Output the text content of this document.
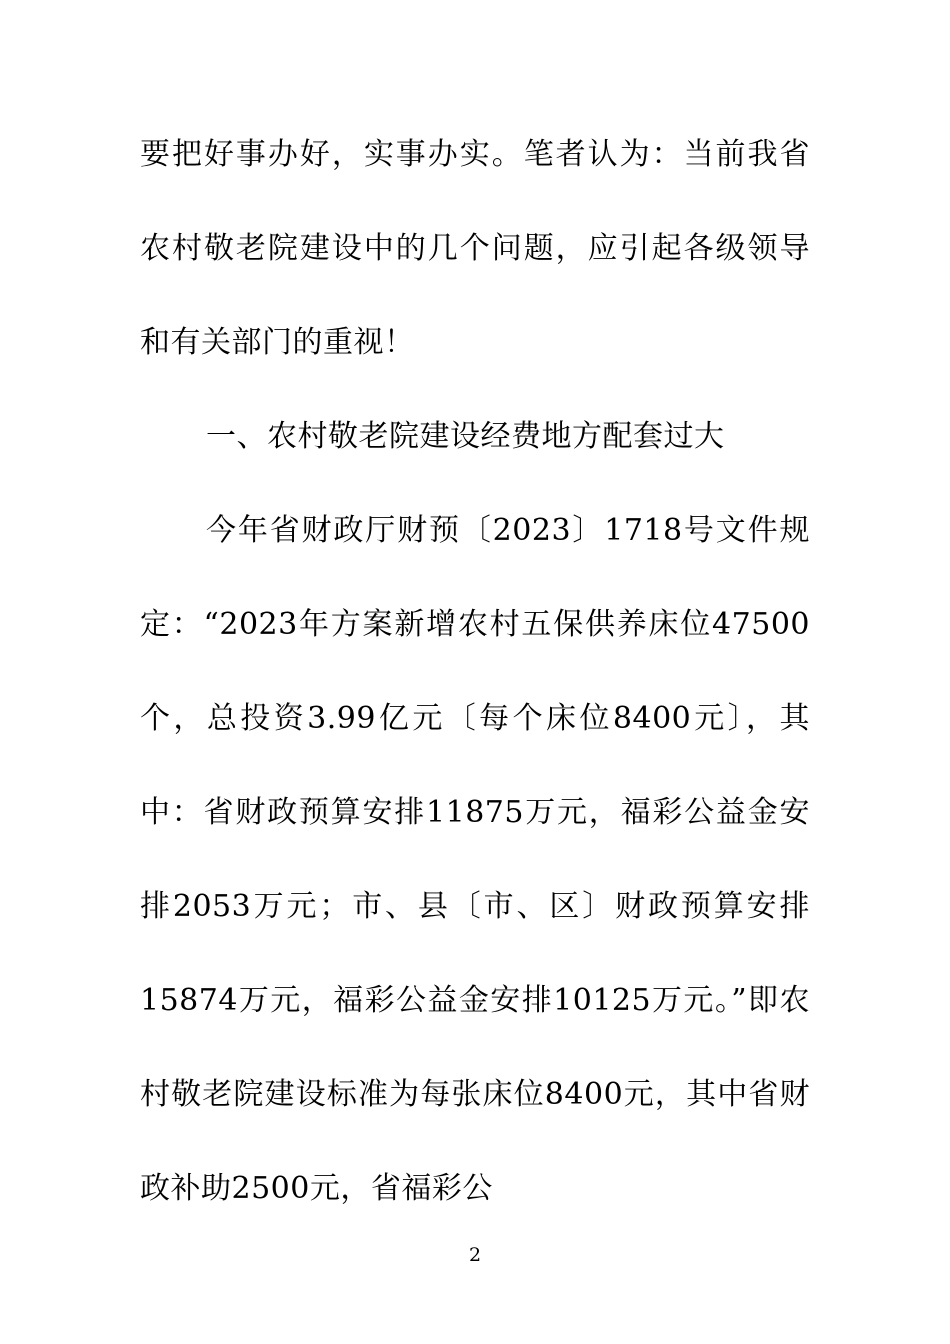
要把好事办好，实事办实。笔者认为：当前我省农村敬老院建设中的几个问题，应引起各级领导和有关部门的重视！

一、农村敬老院建设经费地方配套过大

今年省财政厅财预〔2023〕1718号文件规定：“2023年方案新增农村五保供养床位47500个，总投资3.99亿元〔每个床位8400元〕，其中：省财政预算安排11875万元，福彩公益金安排2053万元；市、县〔市、区〕财政预算安排15874万元，福彩公益金安排10125万元。”即农村敬老院建设标准为每张床位8400元，其中省财政补助2500元，省福彩公

2
